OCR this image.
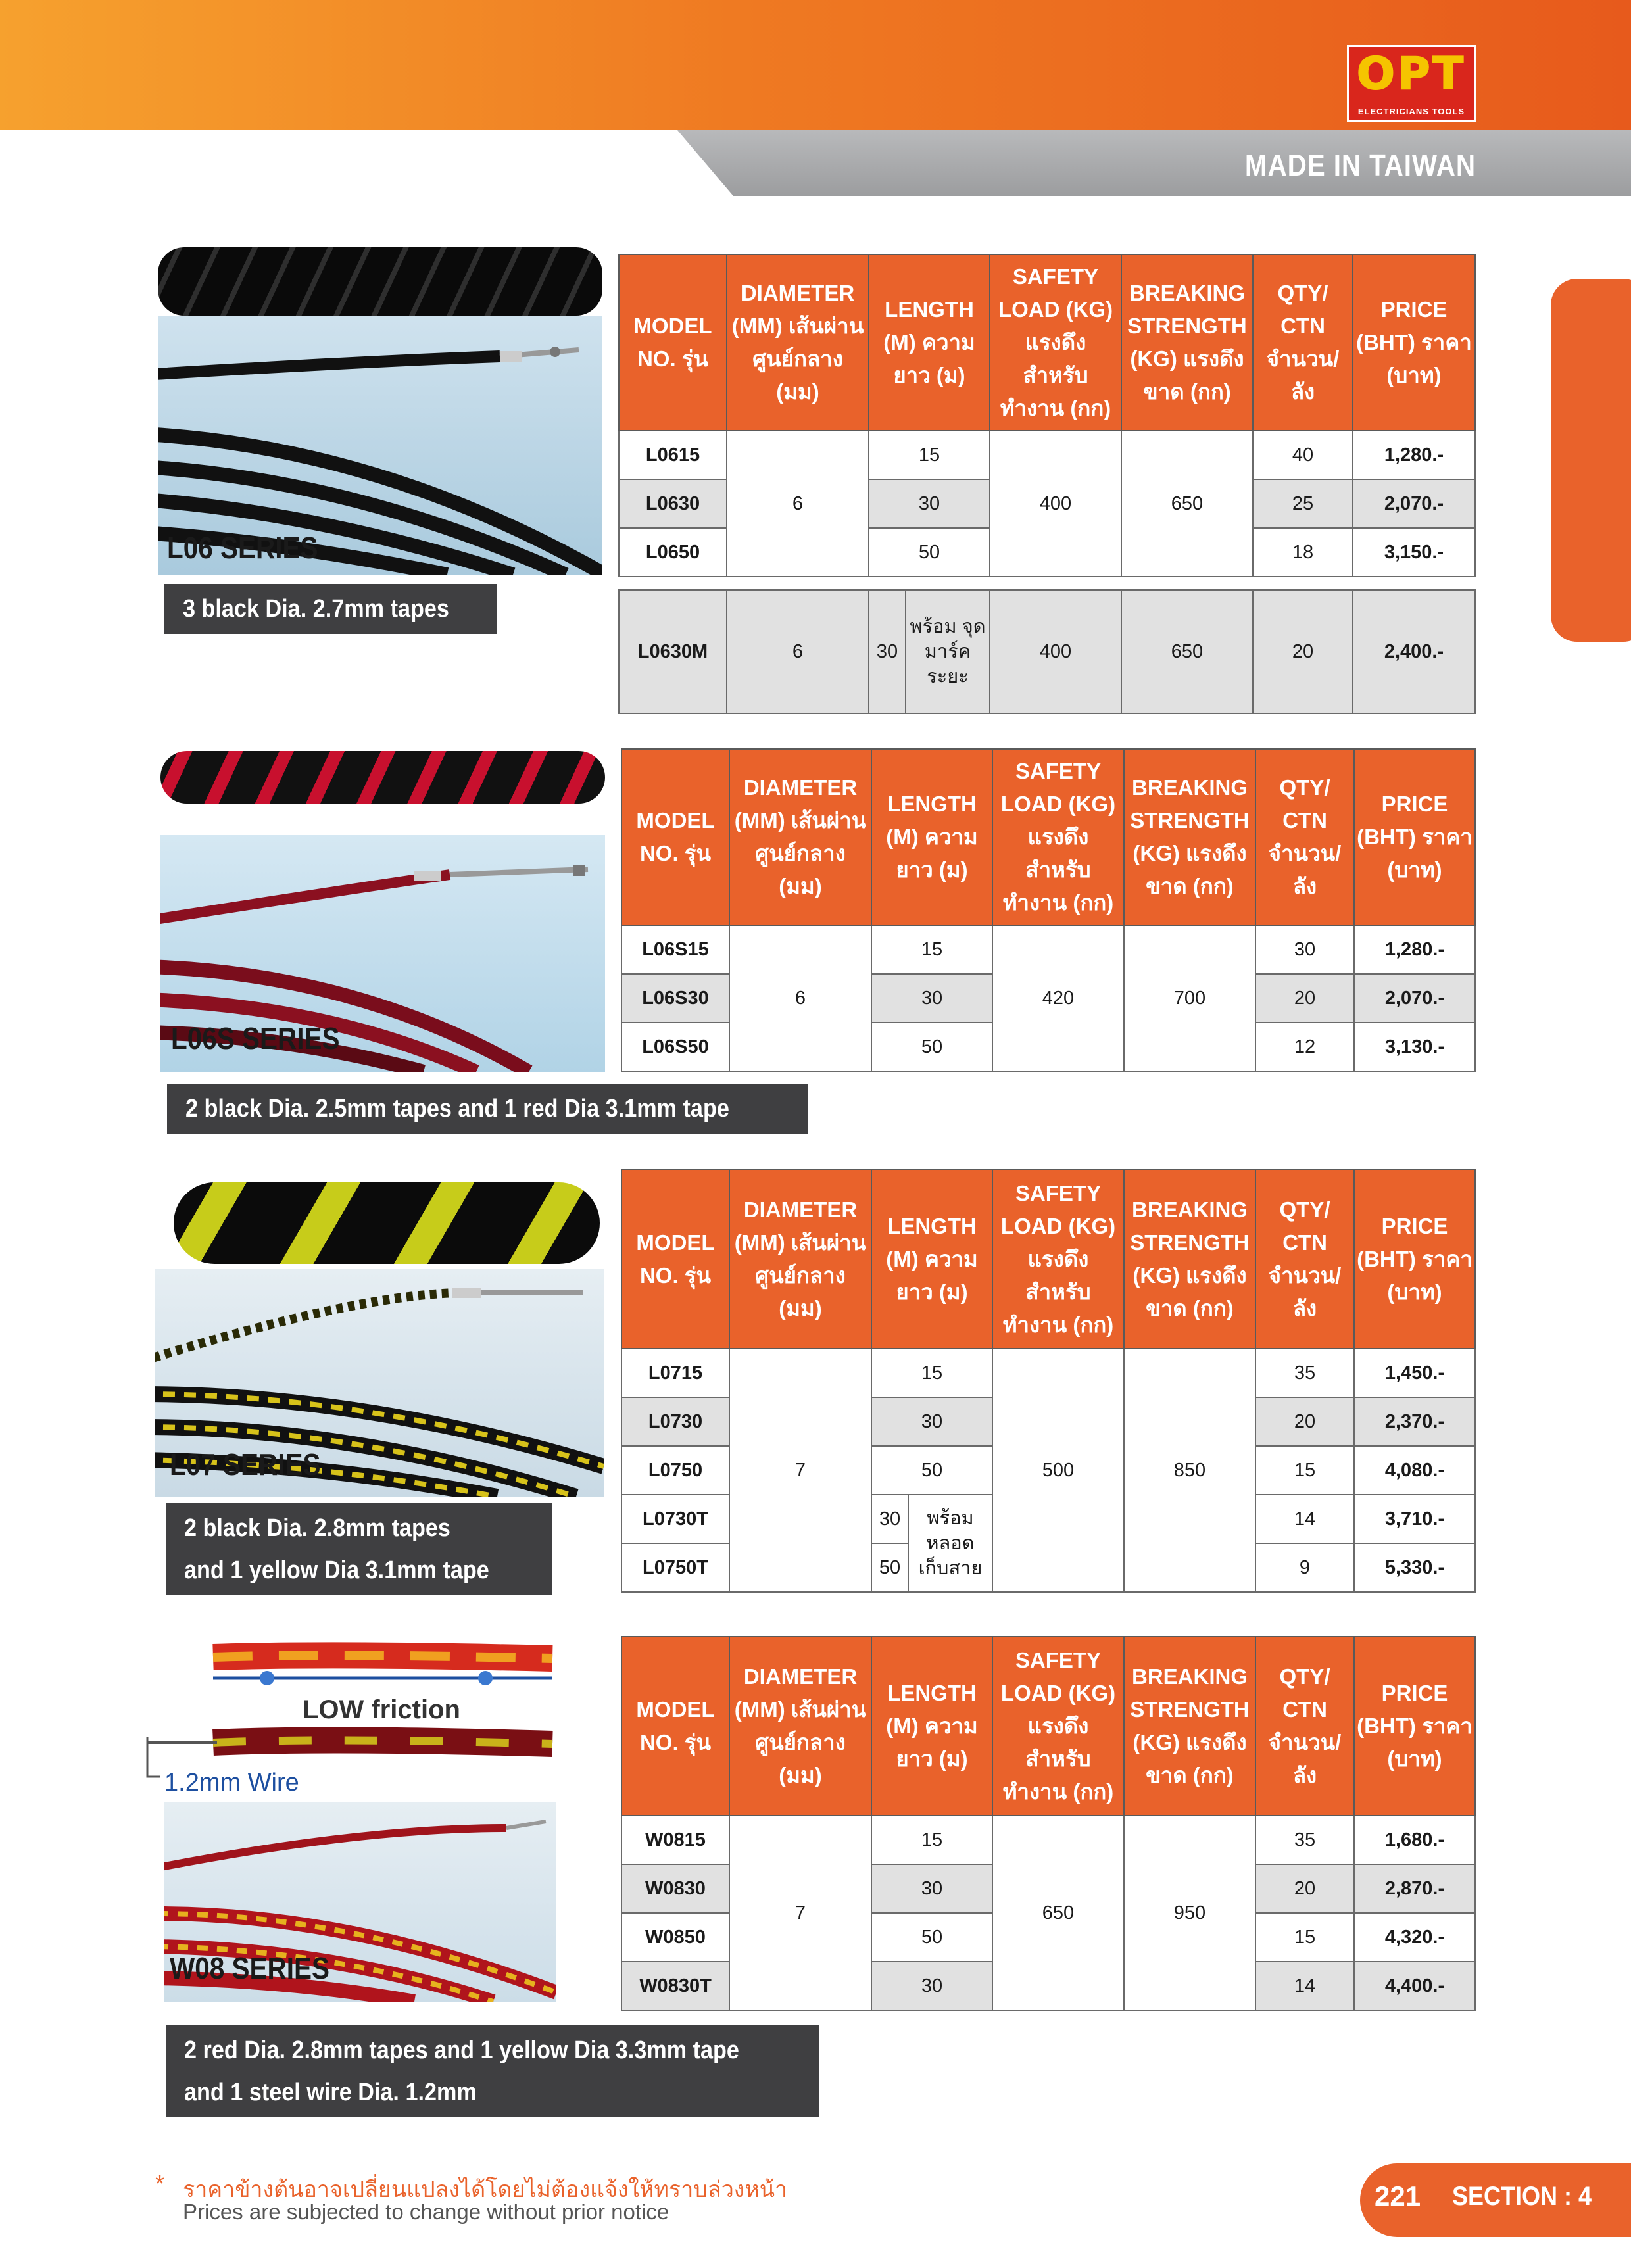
MADE IN TAIWAN
OPT
ELECTRICIANS TOOLS
L06 SERIES
3 black Dia. 2.7mm tapes
MODEL NO. รุ่น	DIAMETER (MM) เส้นผ่าน ศูนย์กลาง (มม)	LENGTH (M) ความยาว (ม)	SAFETY LOAD (KG) แรงดึง สำหรับ ทำงาน (กก)	BREAKING STRENGTH (KG) แรงดึงขาด (กก)	QTY/ CTN จำนวน/ ลัง	PRICE (BHT) ราคา (บาท)
L0615	6	15	400	650	40	1,280.-
L0630		30			25	2,070.-
L0650		50			18	3,150.-
L0630M	6	30	พร้อม จุด มาร์ค ระยะ	400	650	20	2,400.-
L06S SERIES
2 black Dia. 2.5mm tapes and 1 red Dia 3.1mm tape
MODEL NO. รุ่น	DIAMETER (MM) เส้นผ่าน ศูนย์กลาง (มม)	LENGTH (M) ความยาว (ม)	SAFETY LOAD (KG) แรงดึง สำหรับ ทำงาน (กก)	BREAKING STRENGTH (KG) แรงดึงขาด (กก)	QTY/ CTN จำนวน/ ลัง	PRICE (BHT) ราคา (บาท)
L06S15	6	15	420	700	30	1,280.-
L06S30		30			20	2,070.-
L06S50		50			12	3,130.-
L07 SERIES
2 black Dia. 2.8mm tapes
and 1 yellow Dia 3.1mm tape
MODEL NO. รุ่น	DIAMETER (MM) เส้นผ่าน ศูนย์กลาง (มม)	LENGTH (M) ความยาว (ม)		SAFETY LOAD (KG) แรงดึง สำหรับ ทำงาน (กก)	BREAKING STRENGTH (KG) แรงดึงขาด (กก)	QTY/ CTN จำนวน/ ลัง	PRICE (BHT) ราคา (บาท)
L0715	7	15		500	850	35	1,450.-
L0730		30				20	2,370.-
L0750		50				15	4,080.-
L0730T		30	พร้อม หลอด เก็บสาย			14	3,710.-
L0750T		50				9	5,330.-
LOW friction
1.2mm Wire
W08 SERIES
2 red Dia. 2.8mm tapes and 1 yellow Dia 3.3mm tape
and 1 steel wire Dia. 1.2mm
MODEL NO. รุ่น	DIAMETER (MM) เส้นผ่าน ศูนย์กลาง (มม)	LENGTH (M) ความยาว (ม)	SAFETY LOAD (KG) แรงดึง สำหรับ ทำงาน (กก)	BREAKING STRENGTH (KG) แรงดึงขาด (กก)	QTY/ CTN จำนวน/ ลัง	PRICE (BHT) ราคา (บาท)
W0815	7	15	650	950	35	1,680.-
W0830		30			20	2,870.-
W0850		50			15	4,320.-
W0830T		30			14	4,400.-
* ราคาข้างต้นอาจเปลี่ยนแปลงได้โดยไม่ต้องแจ้งให้ทราบล่วงหน้า
Prices are subjected to change without prior notice
221 SECTION : 4
